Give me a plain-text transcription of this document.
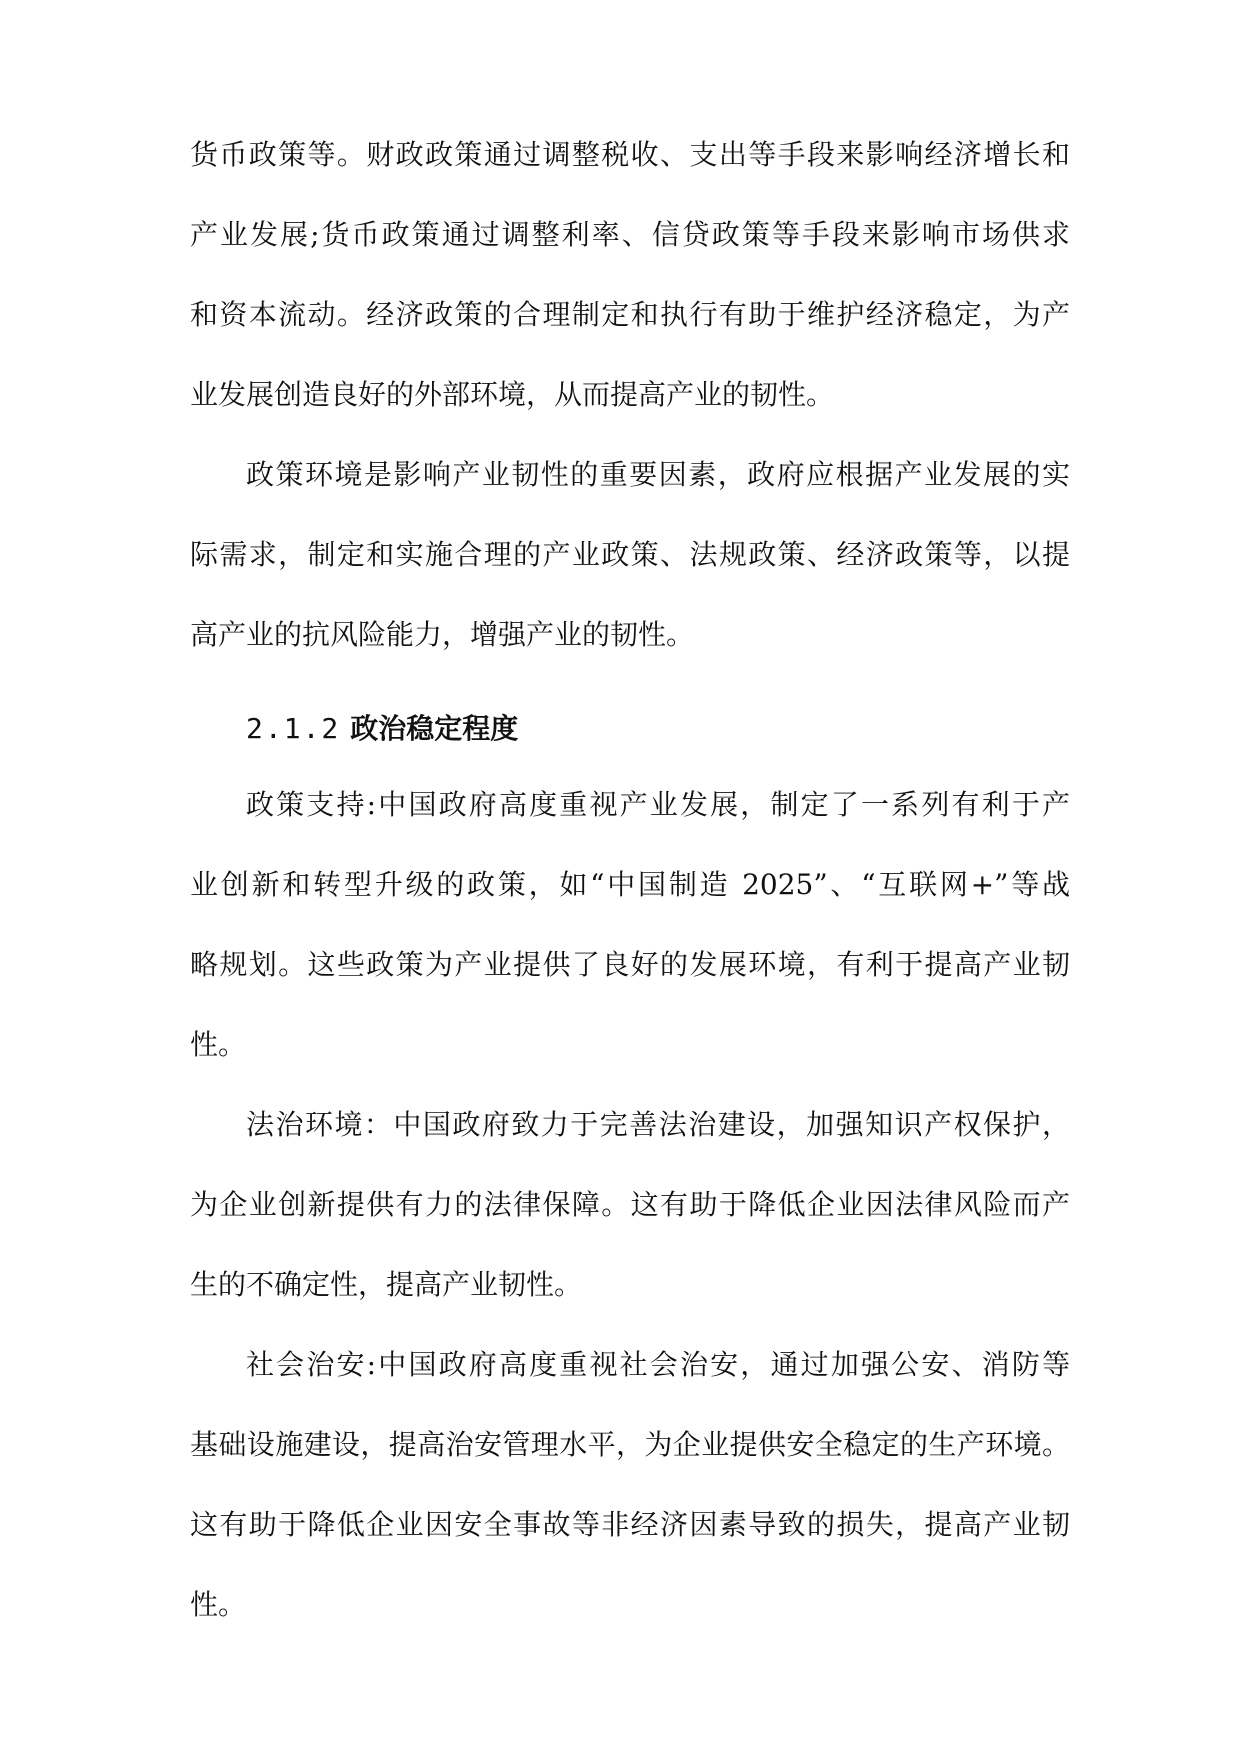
货币政策等。财政政策通过调整税收、支出等手段来影响经济增长和
产业发展;货币政策通过调整利率、信贷政策等手段来影响市场供求
和资本流动。经济政策的合理制定和执行有助于维护经济稳定，为产
业发展创造良好的外部环境，从而提高产业的韧性。
政策环境是影响产业韧性的重要因素，政府应根据产业发展的实
际需求，制定和实施合理的产业政策、法规政策、经济政策等，以提
高产业的抗风险能力，增强产业的韧性。
2.1.2 政治稳定程度
政策支持:中国政府高度重视产业发展，制定了一系列有利于产
业创新和转型升级的政策，如“中国制造 2025”、“互联网+”等战
略规划。这些政策为产业提供了良好的发展环境，有利于提高产业韧
性。
法治环境：中国政府致力于完善法治建设，加强知识产权保护，
为企业创新提供有力的法律保障。这有助于降低企业因法律风险而产
生的不确定性，提高产业韧性。
社会治安:中国政府高度重视社会治安，通过加强公安、消防等
基础设施建设，提高治安管理水平，为企业提供安全稳定的生产环境。
这有助于降低企业因安全事故等非经济因素导致的损失，提高产业韧
性。
